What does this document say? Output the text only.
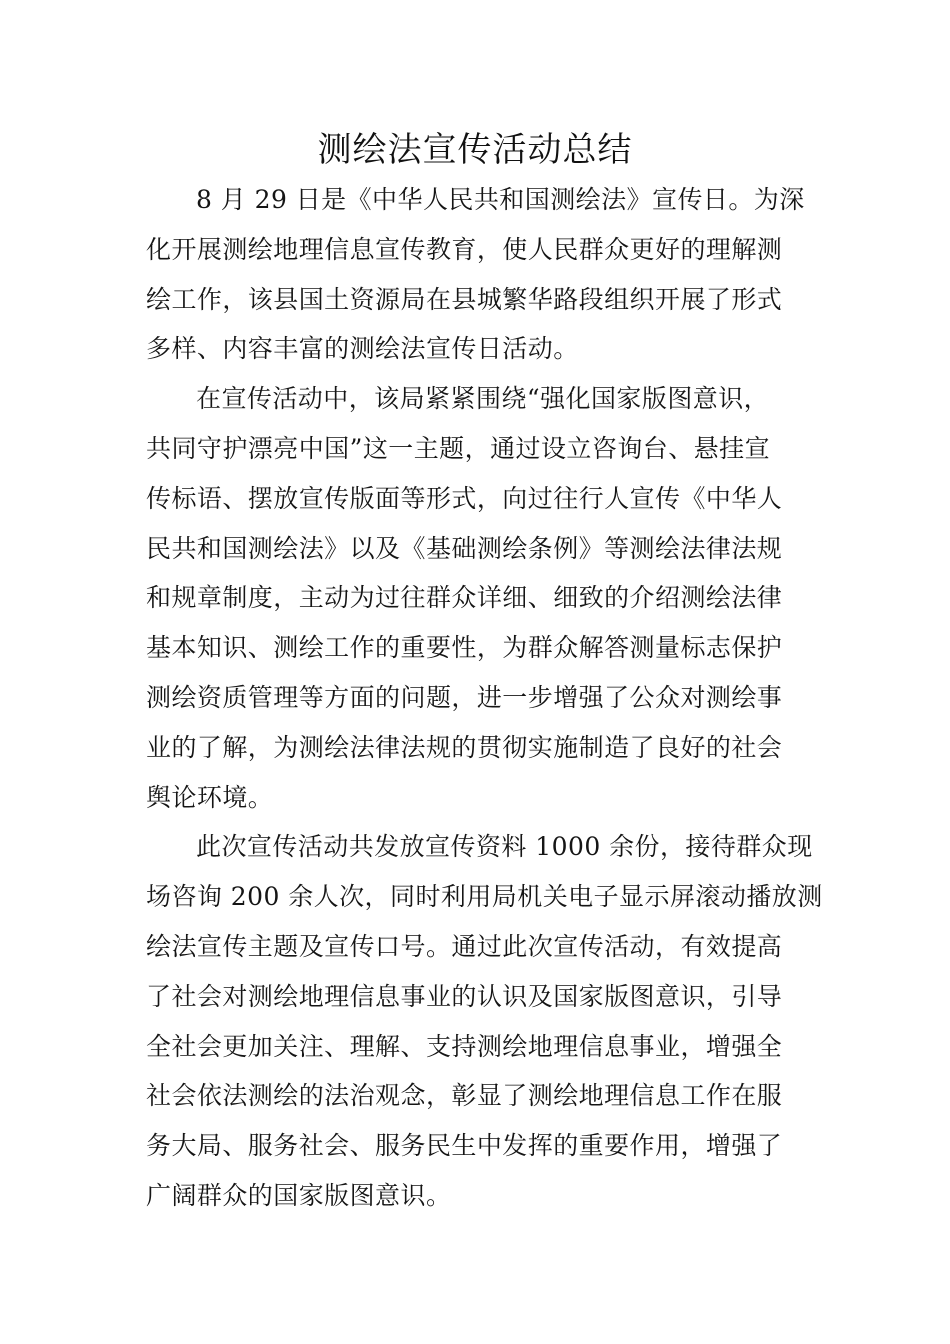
测绘法宣传活动总结

8 月 29 日是《中华人民共和国测绘法》宣传日。为深
化开展测绘地理信息宣传教育，使人民群众更好的理解测
绘工作，该县国土资源局在县城繁华路段组织开展了形式
多样、内容丰富的测绘法宣传日活动。

在宣传活动中，该局紧紧围绕“强化国家版图意识，
共同守护漂亮中国”这一主题，通过设立咨询台、悬挂宣
传标语、摆放宣传版面等形式，向过往行人宣传《中华人
民共和国测绘法》以及《基础测绘条例》等测绘法律法规
和规章制度，主动为过往群众详细、细致的介绍测绘法律
基本知识、测绘工作的重要性，为群众解答测量标志保护
测绘资质管理等方面的问题，进一步增强了公众对测绘事
业的了解，为测绘法律法规的贯彻实施制造了良好的社会
舆论环境。

此次宣传活动共发放宣传资料 1000 余份，接待群众现
场咨询 200 余人次，同时利用局机关电子显示屏滚动播放测
绘法宣传主题及宣传口号。通过此次宣传活动，有效提高
了社会对测绘地理信息事业的认识及国家版图意识，引导
全社会更加关注、理解、支持测绘地理信息事业，增强全
社会依法测绘的法治观念，彰显了测绘地理信息工作在服
务大局、服务社会、服务民生中发挥的重要作用，增强了
广阔群众的国家版图意识。
